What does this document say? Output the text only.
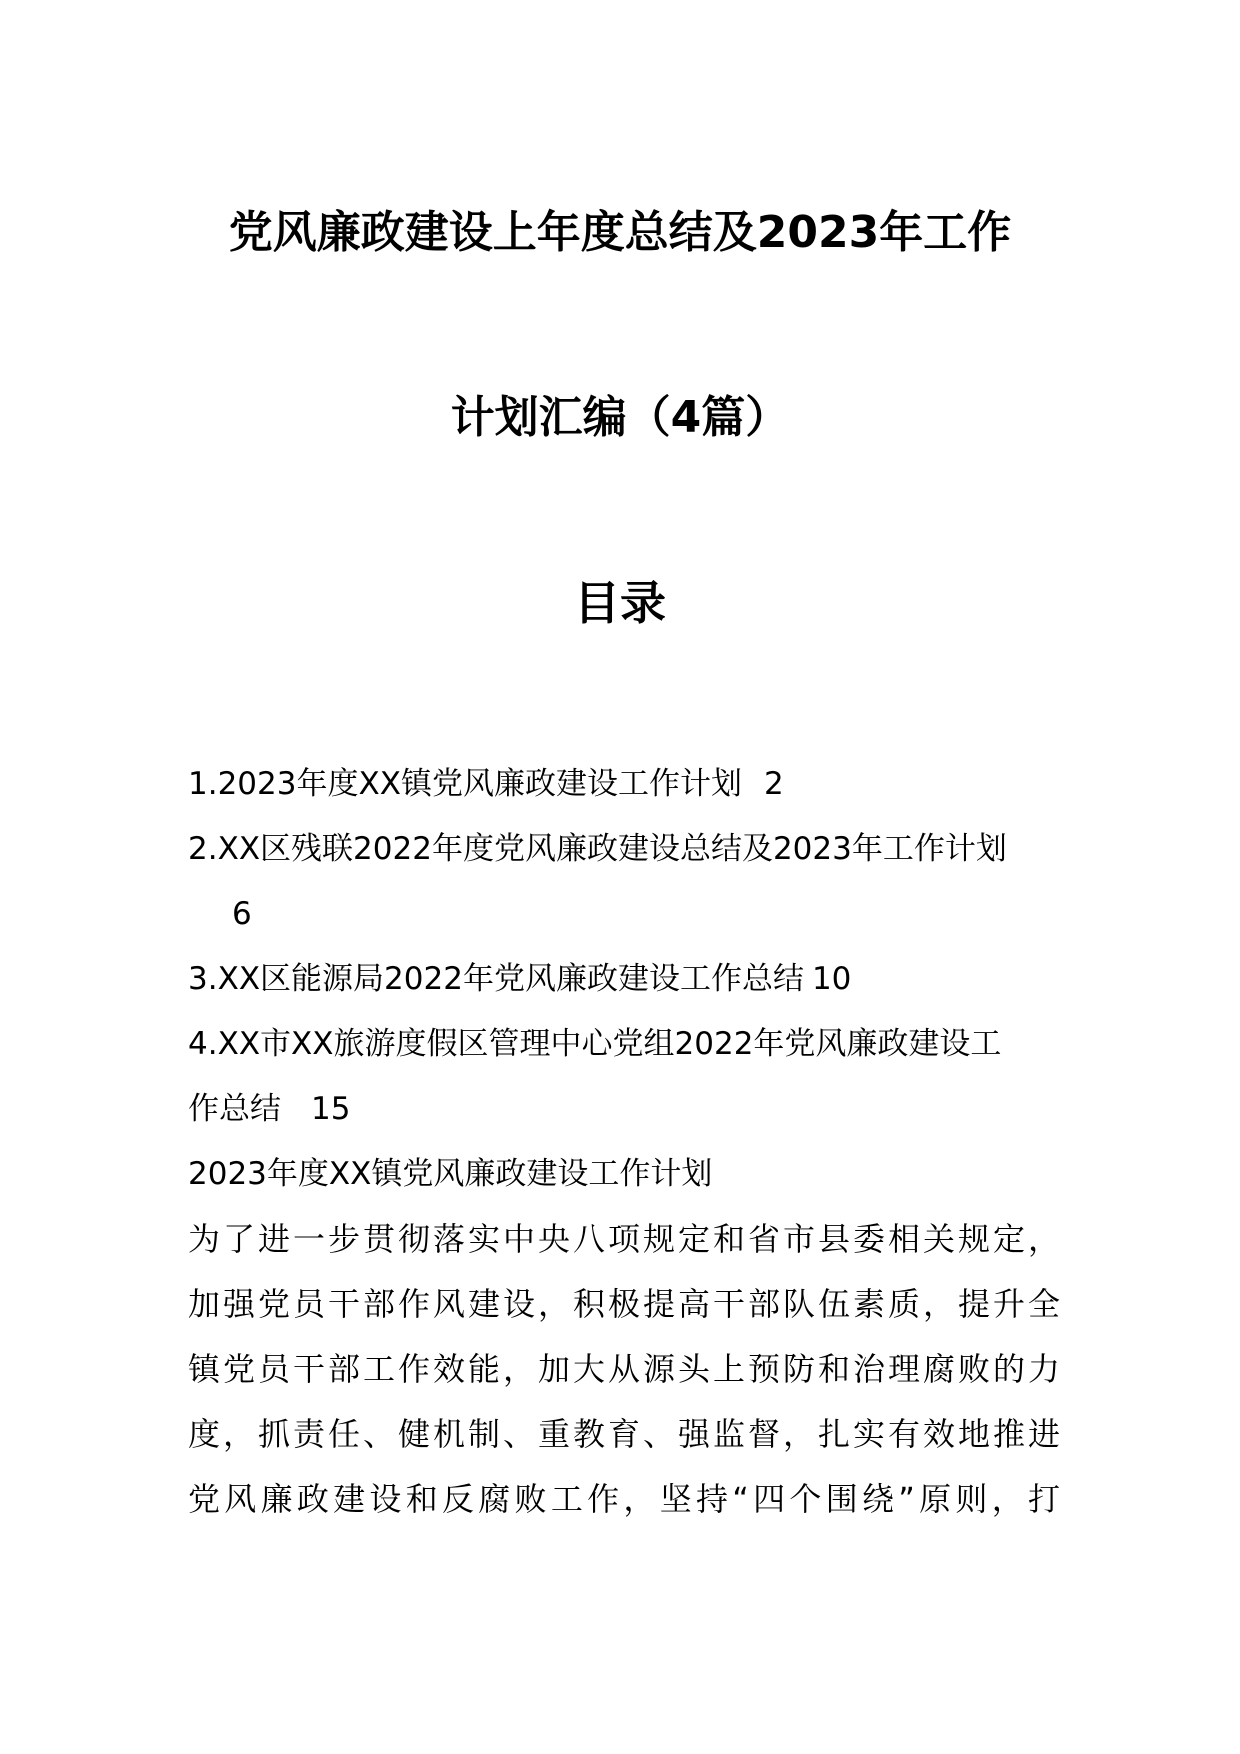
党风廉政建设上年度总结及2023年工作
计划汇编（4篇）
目录
1.2023年度XX镇党风廉政建设工作计划 2
2.XX区残联2022年度党风廉政建设总结及2023年工作计划
6
3.XX区能源局2022年党风廉政建设工作总结 10
4.XX市XX旅游度假区管理中心党组2022年党风廉政建设工
作总结 15
2023年度XX镇党风廉政建设工作计划
为了进一步贯彻落实中央八项规定和省市县委相关规定，
加强党员干部作风建设，积极提高干部队伍素质，提升全
镇党员干部工作效能，加大从源头上预防和治理腐败的力
度，抓责任、健机制、重教育、强监督，扎实有效地推进
党风廉政建设和反腐败工作，坚持“四个围绕”原则，打
